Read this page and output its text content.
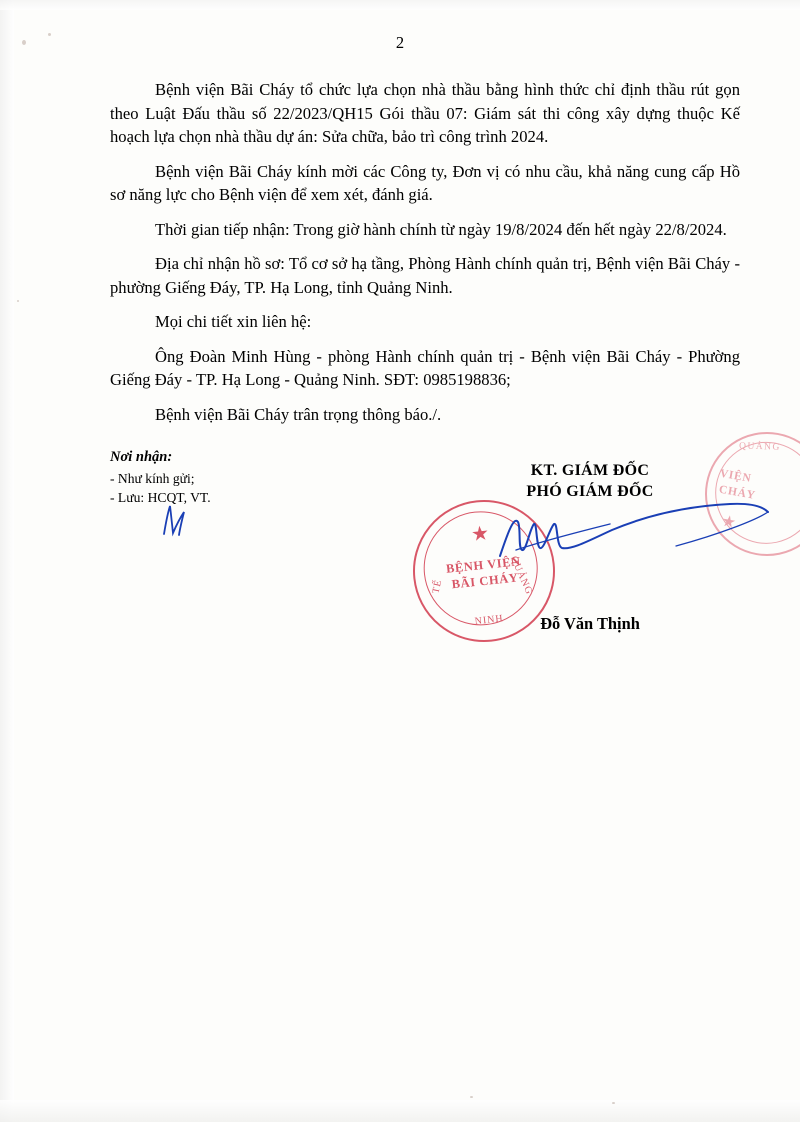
2

Bệnh viện Bãi Cháy tổ chức lựa chọn nhà thầu bằng hình thức chỉ định thầu rút gọn theo Luật Đấu thầu số 22/2023/QH15 Gói thầu 07: Giám sát thi công xây dựng thuộc Kế hoạch lựa chọn nhà thầu dự án: Sửa chữa, bảo trì công trình 2024.

Bệnh viện Bãi Cháy kính mời các Công ty, Đơn vị có nhu cầu, khả năng cung cấp Hồ sơ năng lực cho Bệnh viện để xem xét, đánh giá.

Thời gian tiếp nhận: Trong giờ hành chính từ ngày 19/8/2024 đến hết ngày 22/8/2024.

Địa chỉ nhận hồ sơ: Tổ cơ sở hạ tầng, Phòng Hành chính quản trị, Bệnh viện Bãi Cháy - phường Giếng Đáy, TP. Hạ Long, tỉnh Quảng Ninh.

Mọi chi tiết xin liên hệ:

Ông Đoàn Minh Hùng - phòng Hành chính quản trị - Bệnh viện Bãi Cháy - Phường Giếng Đáy - TP. Hạ Long - Quảng Ninh. SĐT: 0985198836;

Bệnh viện Bãi Cháy trân trọng thông báo./.

Nơi nhận:
- Như kính gửi;
- Lưu: HCQT, VT.
KT. GIÁM ĐỐC
PHÓ GIÁM ĐỐC
Đỗ Văn Thịnh
★
BỆNH VIỆN
BÃI CHÁY
TẾ	QUẢNG
NINH
QUẢNG
VIỆN
CHÁY
★
